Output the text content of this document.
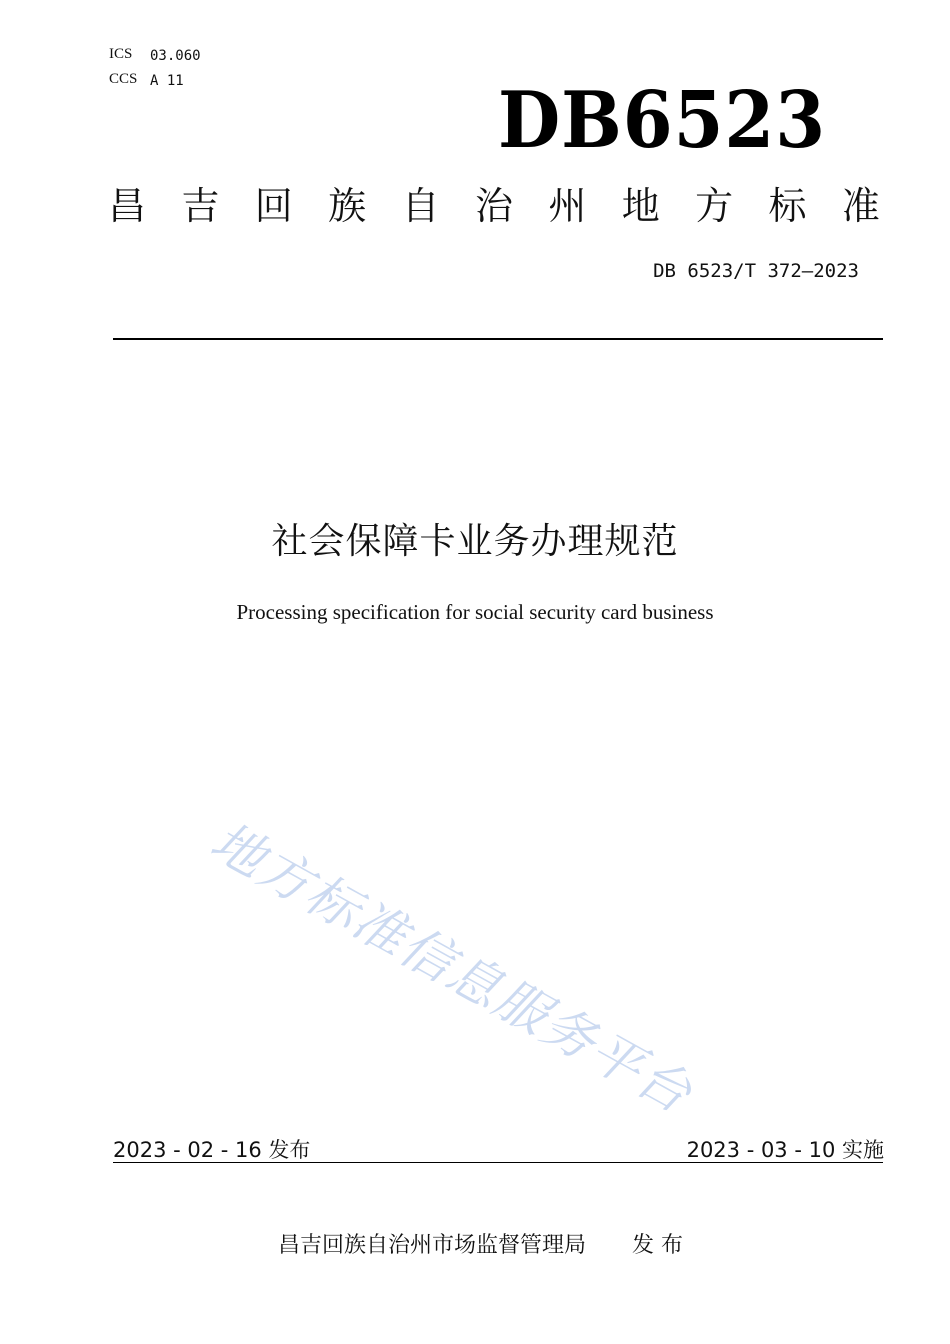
ICS 03.060
CCS A 11	DB6523
昌 吉 回 族 自 治 州 地 方 标 准
DB 6523/T 372—2023
社会保障卡业务办理规范
Processing specification for social security card business
地方标准信息服务平台
2023 - 02 - 16 发布	2023 - 03 - 10 实施
昌吉回族自治州市场监督管理局 发 布
